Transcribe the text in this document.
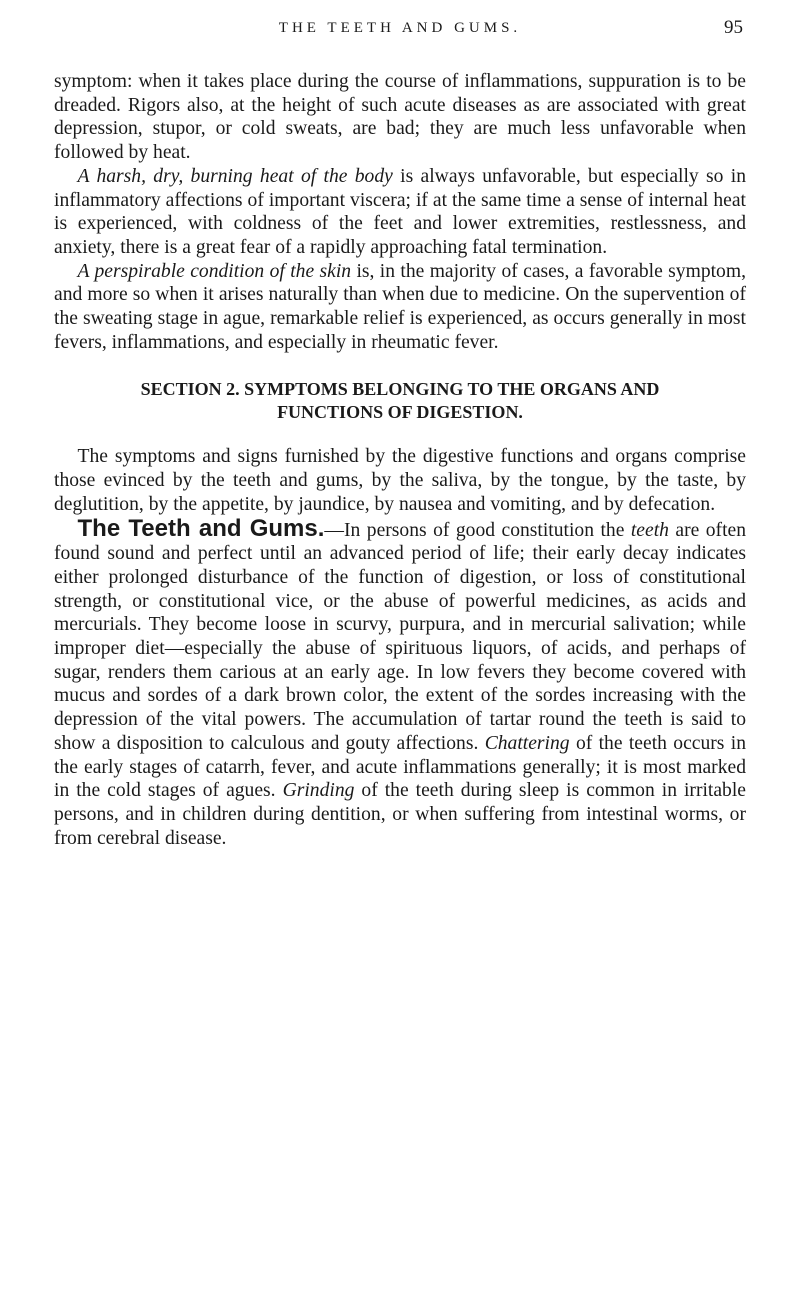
THE TEETH AND GUMS.	95

symptom: when it takes place during the course of inflammations, suppuration is to be dreaded. Rigors also, at the height of such acute diseases as are associated with great depression, stupor, or cold sweats, are bad; they are much less unfavorable when followed by heat.

A harsh, dry, burning heat of the body is always unfavorable, but especially so in inflammatory affections of important viscera; if at the same time a sense of internal heat is experienced, with coldness of the feet and lower extremities, restlessness, and anxiety, there is a great fear of a rapidly approaching fatal termination.

A perspirable condition of the skin is, in the majority of cases, a favorable symptom, and more so when it arises naturally than when due to medicine. On the supervention of the sweating stage in ague, remarkable relief is experienced, as occurs generally in most fevers, inflammations, and especially in rheumatic fever.

SECTION 2. SYMPTOMS BELONGING TO THE ORGANS AND
FUNCTIONS OF DIGESTION.

The symptoms and signs furnished by the digestive functions and organs comprise those evinced by the teeth and gums, by the saliva, by the tongue, by the taste, by deglutition, by the appetite, by jaundice, by nausea and vomiting, and by defecation.

The Teeth and Gums.—In persons of good constitution the teeth are often found sound and perfect until an advanced period of life; their early decay indicates either prolonged disturbance of the function of digestion, or loss of constitutional strength, or constitutional vice, or the abuse of powerful medicines, as acids and mercurials. They become loose in scurvy, purpura, and in mercurial salivation; while improper diet—especially the abuse of spirituous liquors, of acids, and perhaps of sugar, renders them carious at an early age. In low fevers they become covered with mucus and sordes of a dark brown color, the extent of the sordes increasing with the depression of the vital powers. The accumulation of tartar round the teeth is said to show a disposition to calculous and gouty affections. Chattering of the teeth occurs in the early stages of catarrh, fever, and acute inflammations generally; it is most marked in the cold stages of agues. Grinding of the teeth during sleep is common in irritable persons, and in children during dentition, or when suffering from intestinal worms, or from cerebral disease.
